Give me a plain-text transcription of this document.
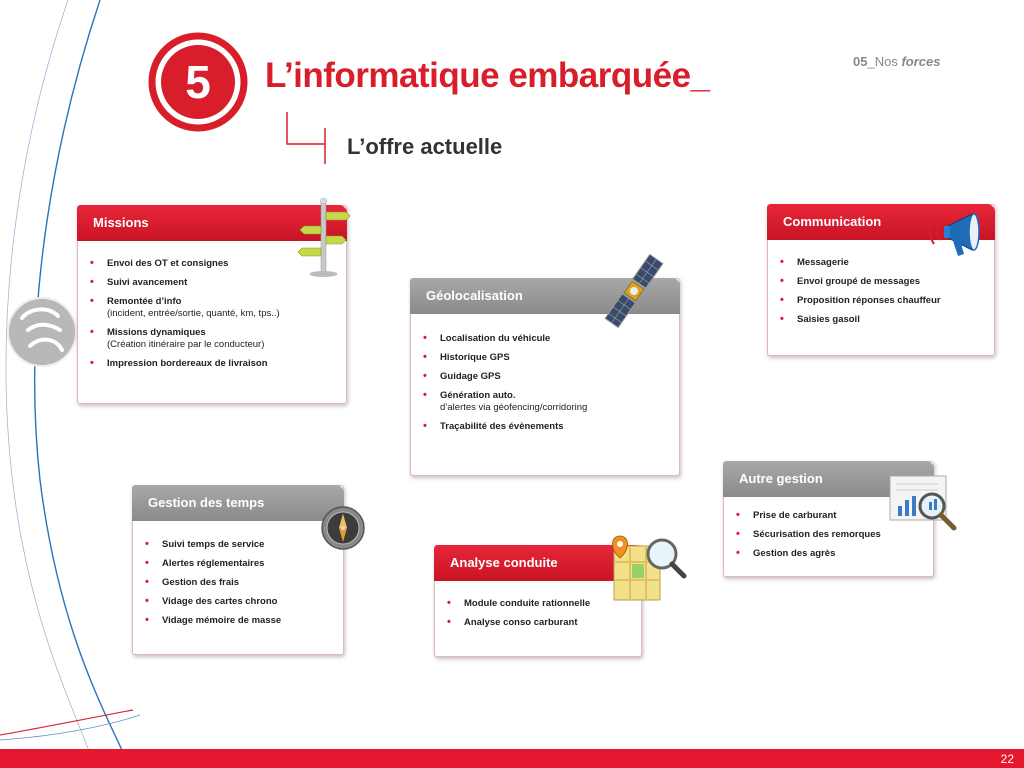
5 L’informatique embarquée_	05_Nos forces
L’offre actuelle
Missions
• Envoi des OT et consignes
• Suivi avancement
• Remontée d’info
(incident, entrée/sortie, quanté, km, tps..)
• Missions dynamiques
(Création itinéraire par le conducteur)
• Impression bordereaux de livraison
Géolocalisation
• Localisation du véhicule
• Historique GPS
• Guidage GPS
• Génération auto.
d’alertes via géofencing/corridoring
• Traçabilité des évènements
Communication
• Messagerie
• Envoi groupé de messages
• Proposition réponses chauffeur
• Saisies gasoil
Gestion des temps
• Suivi temps de service
• Alertes réglementaires
• Gestion des frais
• Vidage des cartes chrono
• Vidage mémoire de masse
Analyse conduite
• Module conduite rationnelle
• Analyse conso carburant
Autre gestion
• Prise de carburant
• Sécurisation des remorques
• Gestion des agrès
22
